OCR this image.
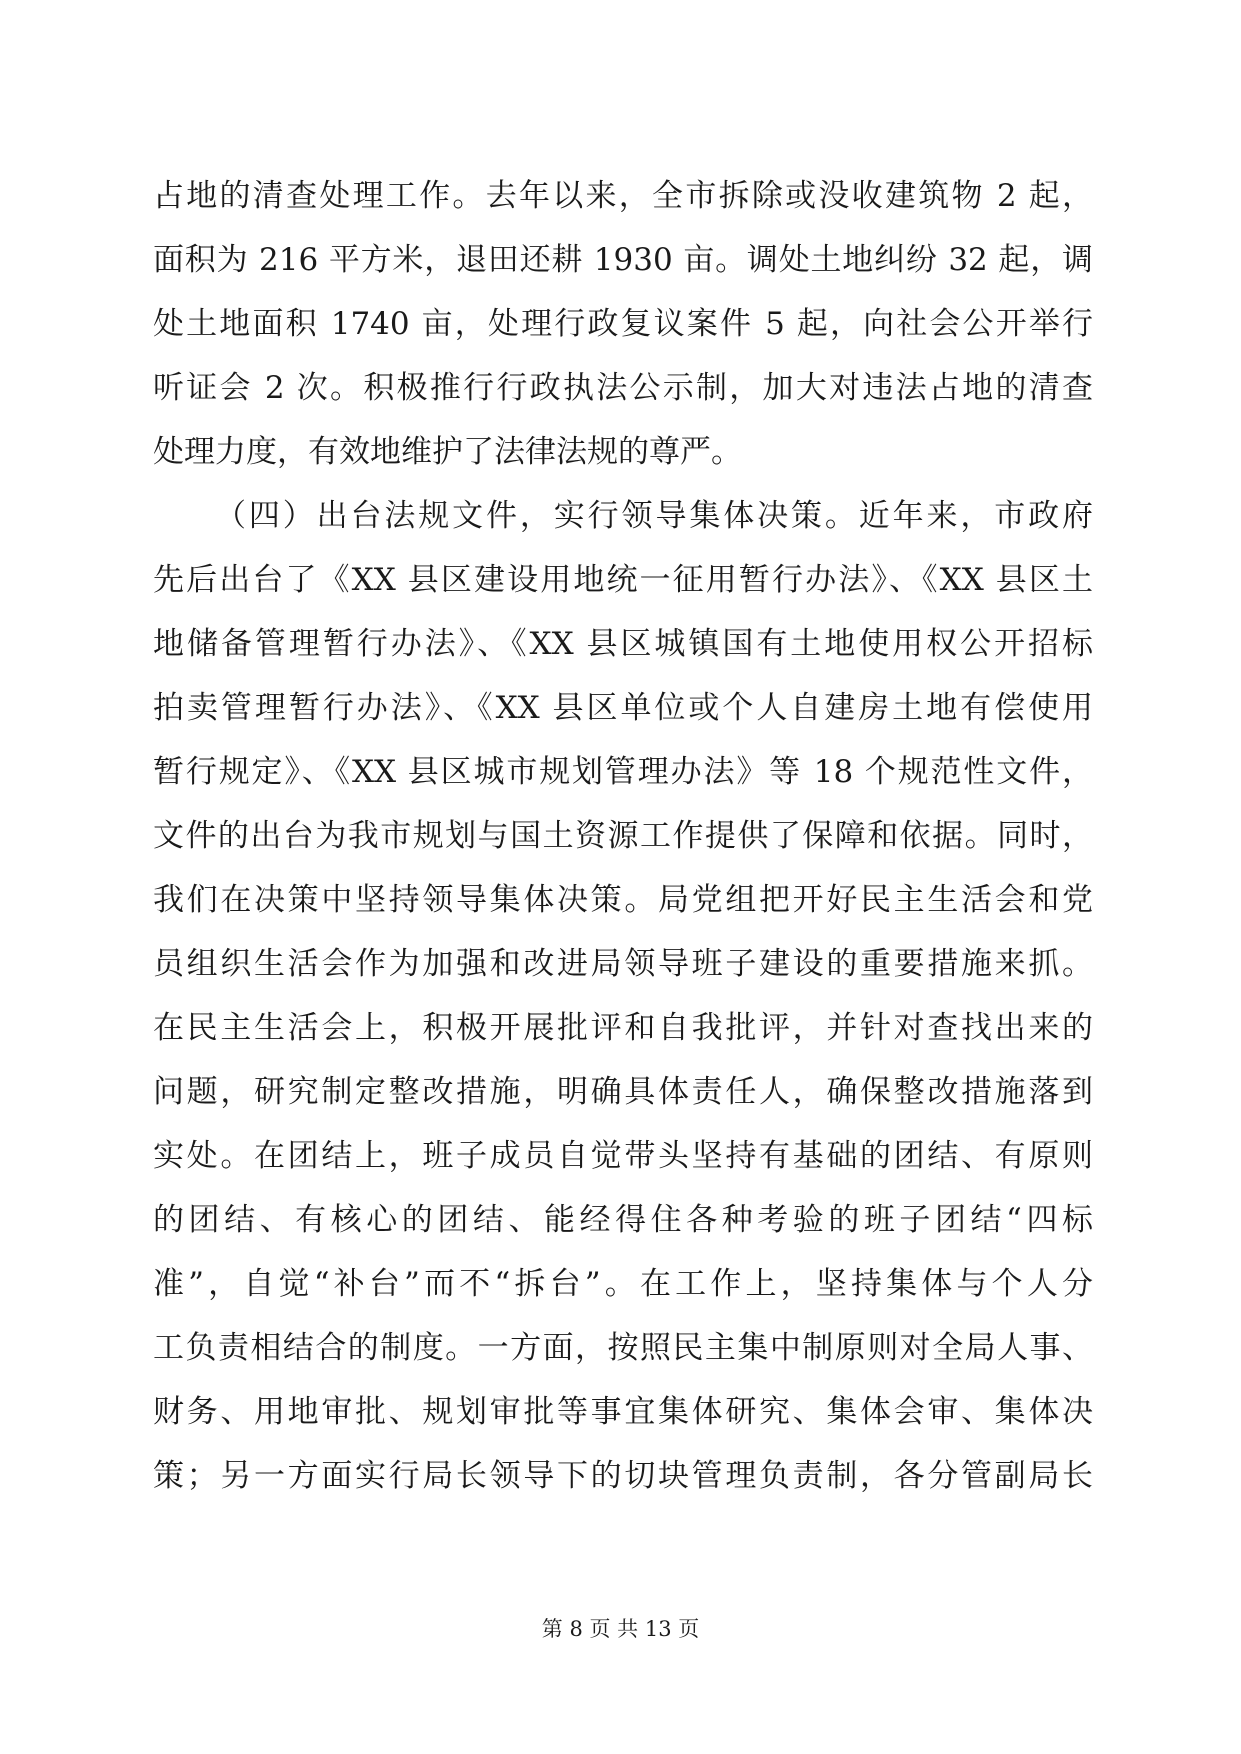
占地的清查处理工作。去年以来，全市拆除或没收建筑物 2 起，
面积为 216 平方米，退田还耕 1930 亩。调处土地纠纷 32 起，调
处土地面积 1740 亩，处理行政复议案件 5 起，向社会公开举行
听证会 2 次。积极推行行政执法公示制，加大对违法占地的清查
处理力度，有效地维护了法律法规的尊严。
（四）出台法规文件，实行领导集体决策。近年来，市政府
先后出台了《XX 县区建设用地统一征用暂行办法》、《XX 县区土
地储备管理暂行办法》、《XX 县区城镇国有土地使用权公开招标
拍卖管理暂行办法》、《XX 县区单位或个人自建房土地有偿使用
暂行规定》、《XX 县区城市规划管理办法》等 18 个规范性文件，
文件的出台为我市规划与国土资源工作提供了保障和依据。同时，
我们在决策中坚持领导集体决策。局党组把开好民主生活会和党
员组织生活会作为加强和改进局领导班子建设的重要措施来抓。
在民主生活会上，积极开展批评和自我批评，并针对查找出来的
问题，研究制定整改措施，明确具体责任人，确保整改措施落到
实处。在团结上，班子成员自觉带头坚持有基础的团结、有原则
的团结、有核心的团结、能经得住各种考验的班子团结“四标
准”，自觉“补台”而不“拆台”。在工作上，坚持集体与个人分
工负责相结合的制度。一方面，按照民主集中制原则对全局人事、
财务、用地审批、规划审批等事宜集体研究、集体会审、集体决
策；另一方面实行局长领导下的切块管理负责制，各分管副局长
第 8 页 共 13 页
